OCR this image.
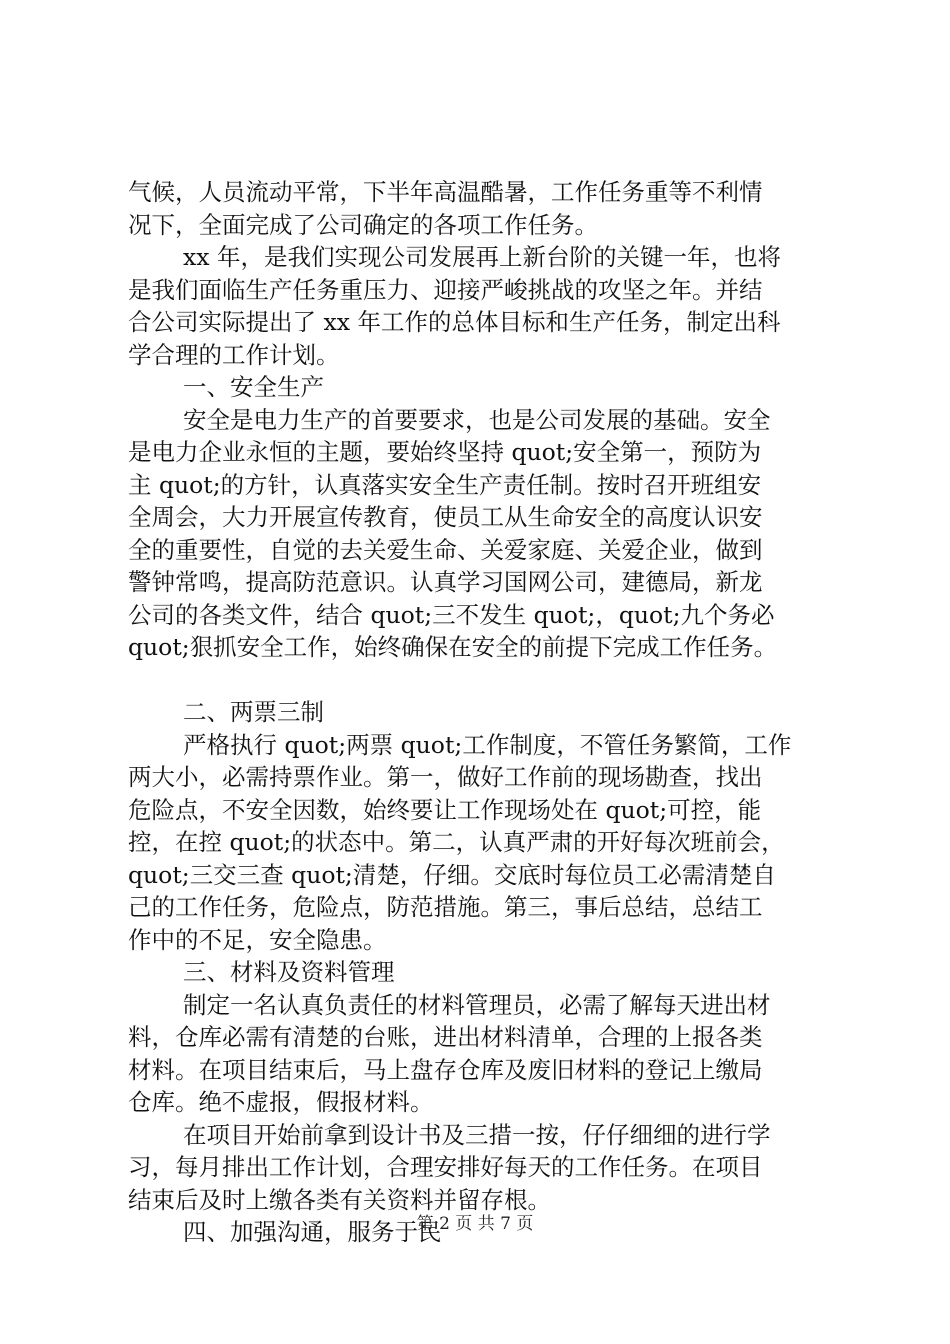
气候，人员流动平常，下半年高温酷暑，工作任务重等不利情
况下，全面完成了公司确定的各项工作任务。
xx 年，是我们实现公司发展再上新台阶的关键一年，也将
是我们面临生产任务重压力、迎接严峻挑战的攻坚之年。并结
合公司实际提出了 xx 年工作的总体目标和生产任务，制定出科
学合理的工作计划。
一、安全生产
安全是电力生产的首要要求，也是公司发展的基础。安全
是电力企业永恒的主题，要始终坚持 quot;安全第一，预防为
主 quot;的方针，认真落实安全生产责任制。按时召开班组安
全周会，大力开展宣传教育，使员工从生命安全的高度认识安
全的重要性，自觉的去关爱生命、关爱家庭、关爱企业，做到
警钟常鸣，提高防范意识。认真学习国网公司，建德局，新龙
公司的各类文件，结合 quot;三不发生 quot;，quot;九个务必
quot;狠抓安全工作，始终确保在安全的前提下完成工作任务。
二、两票三制
严格执行 quot;两票 quot;工作制度，不管任务繁简，工作
两大小，必需持票作业。第一，做好工作前的现场勘查，找出
危险点，不安全因数，始终要让工作现场处在 quot;可控，能
控，在控 quot;的状态中。第二，认真严肃的开好每次班前会，
quot;三交三查 quot;清楚，仔细。交底时每位员工必需清楚自
己的工作任务，危险点，防范措施。第三，事后总结，总结工
作中的不足，安全隐患。
三、材料及资料管理
制定一名认真负责任的材料管理员，必需了解每天进出材
料，仓库必需有清楚的台账，进出材料清单，合理的上报各类
材料。在项目结束后，马上盘存仓库及废旧材料的登记上缴局
仓库。绝不虚报，假报材料。
在项目开始前拿到设计书及三措一按，仔仔细细的进行学
习，每月排出工作计划，合理安排好每天的工作任务。在项目
结束后及时上缴各类有关资料并留存根。
四、加强沟通，服务于民
第 2 页 共 7 页
